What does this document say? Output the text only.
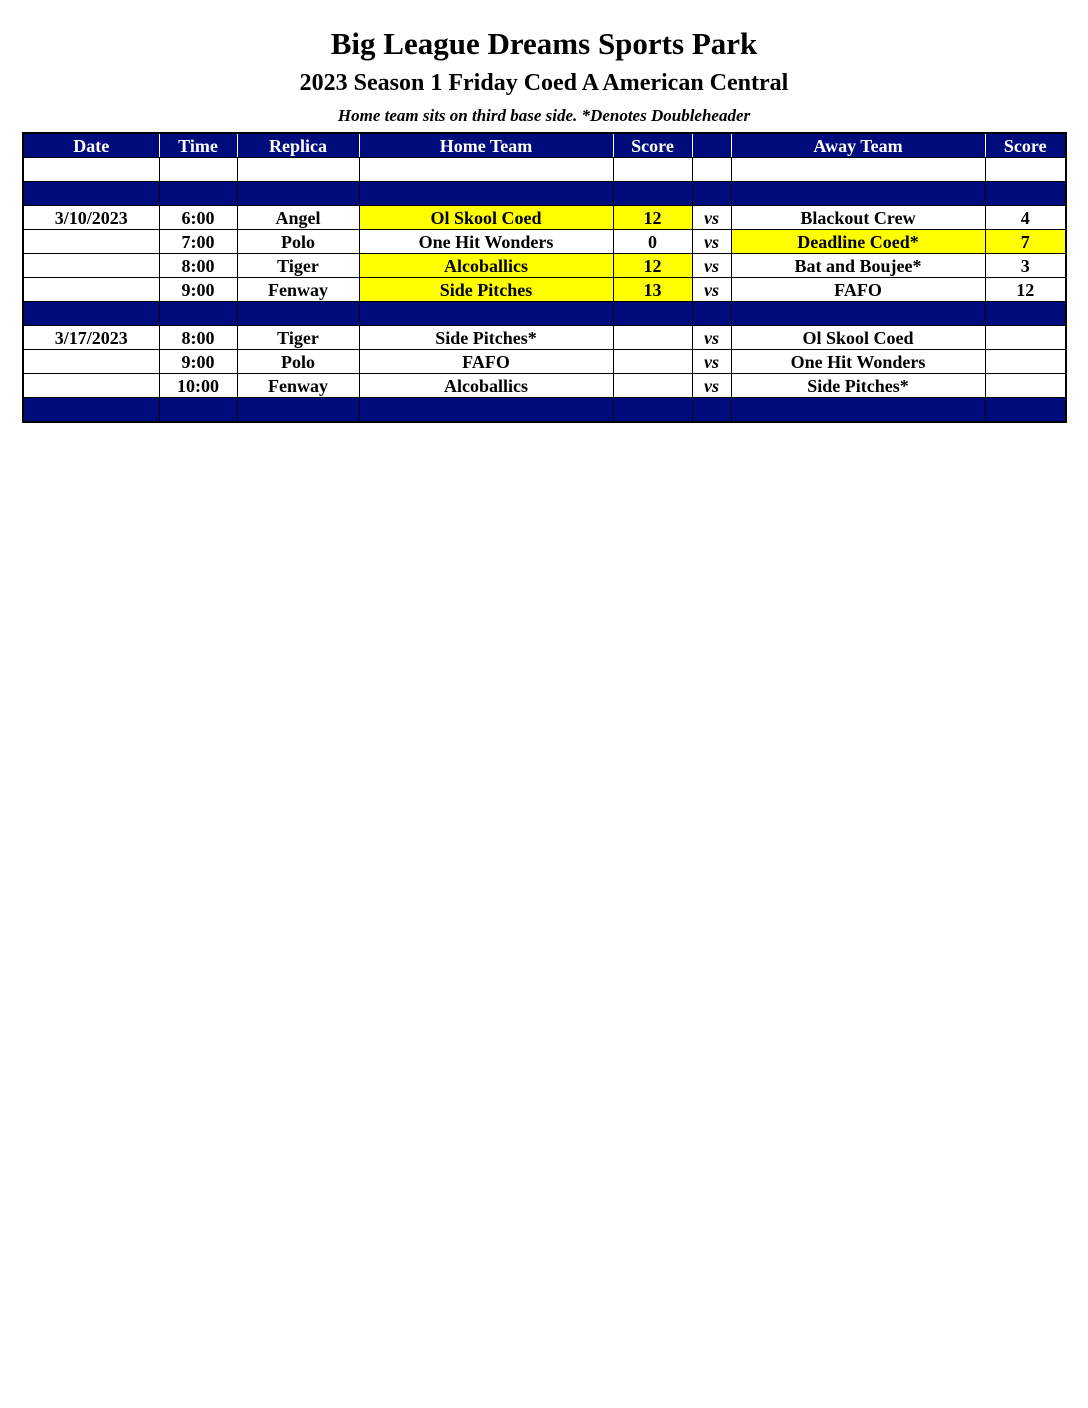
Big League Dreams Sports Park
2023 Season 1 Friday Coed A American Central
Home team sits on third base side. *Denotes Doubleheader
Date	Time	Replica	Home Team	Score		Away Team	Score

3/10/2023	6:00	Angel	Ol Skool Coed	12	vs	Blackout Crew	4
	7:00	Polo	One Hit Wonders	0	vs	Deadline Coed*	7
	8:00	Tiger	Alcoballics	12	vs	Bat and Boujee*	3
	9:00	Fenway	Side Pitches	13	vs	FAFO	12

3/17/2023	8:00	Tiger	Side Pitches*		vs	Ol Skool Coed	
	9:00	Polo	FAFO		vs	One Hit Wonders	
	10:00	Fenway	Alcoballics		vs	Side Pitches*	
